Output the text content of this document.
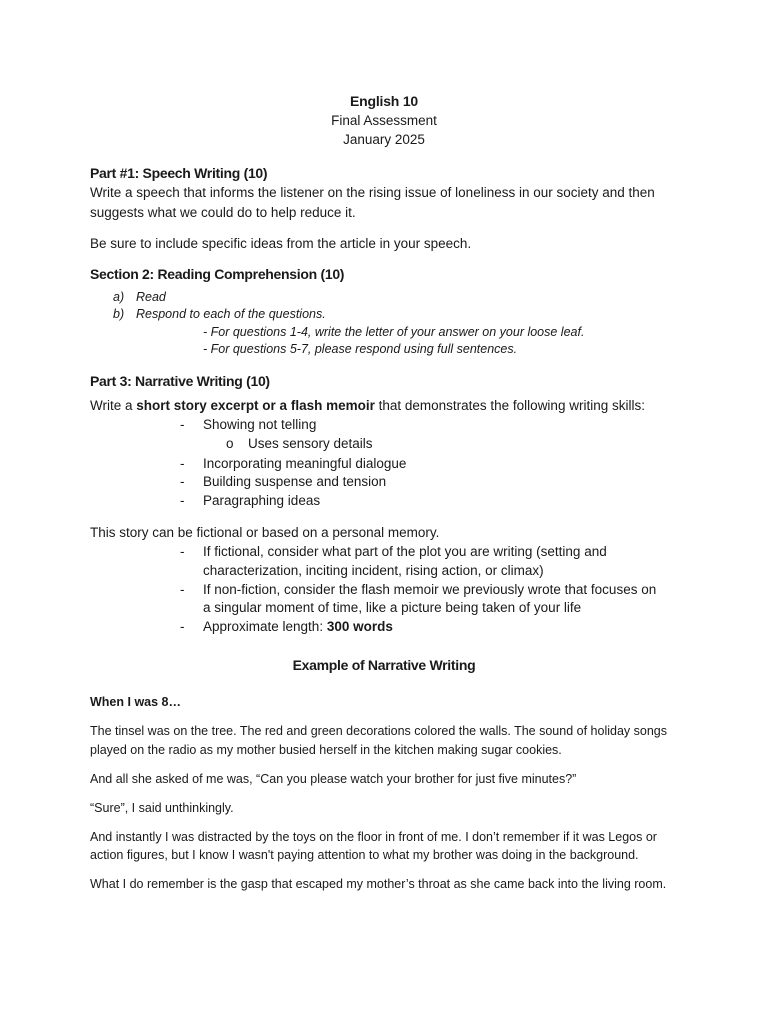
English 10
Final Assessment
January 2025
Part #1: Speech Writing (10)
Write a speech that informs the listener on the rising issue of loneliness in our society and then
suggests what we could do to help reduce it.
Be sure to include specific ideas from the article in your speech.
Section 2: Reading Comprehension (10)
a) Read
b) Respond to each of the questions.
- For questions 1-4, write the letter of your answer on your loose leaf.
- For questions 5-7, please respond using full sentences.
Part 3: Narrative Writing (10)
Write a short story excerpt or a flash memoir that demonstrates the following writing skills:
- Showing not telling
o Uses sensory details
- Incorporating meaningful dialogue
- Building suspense and tension
- Paragraphing ideas
This story can be fictional or based on a personal memory.
- If fictional, consider what part of the plot you are writing (setting and
characterization, inciting incident, rising action, or climax)
- If non-fiction, consider the flash memoir we previously wrote that focuses on
a singular moment of time, like a picture being taken of your life
- Approximate length: 300 words
Example of Narrative Writing
When I was 8…
The tinsel was on the tree. The red and green decorations colored the walls. The sound of holiday songs
played on the radio as my mother busied herself in the kitchen making sugar cookies.
And all she asked of me was, “Can you please watch your brother for just five minutes?”
“Sure”, I said unthinkingly.
And instantly I was distracted by the toys on the floor in front of me. I don’t remember if it was Legos or
action figures, but I know I wasn't paying attention to what my brother was doing in the background.
What I do remember is the gasp that escaped my mother’s throat as she came back into the living room.
